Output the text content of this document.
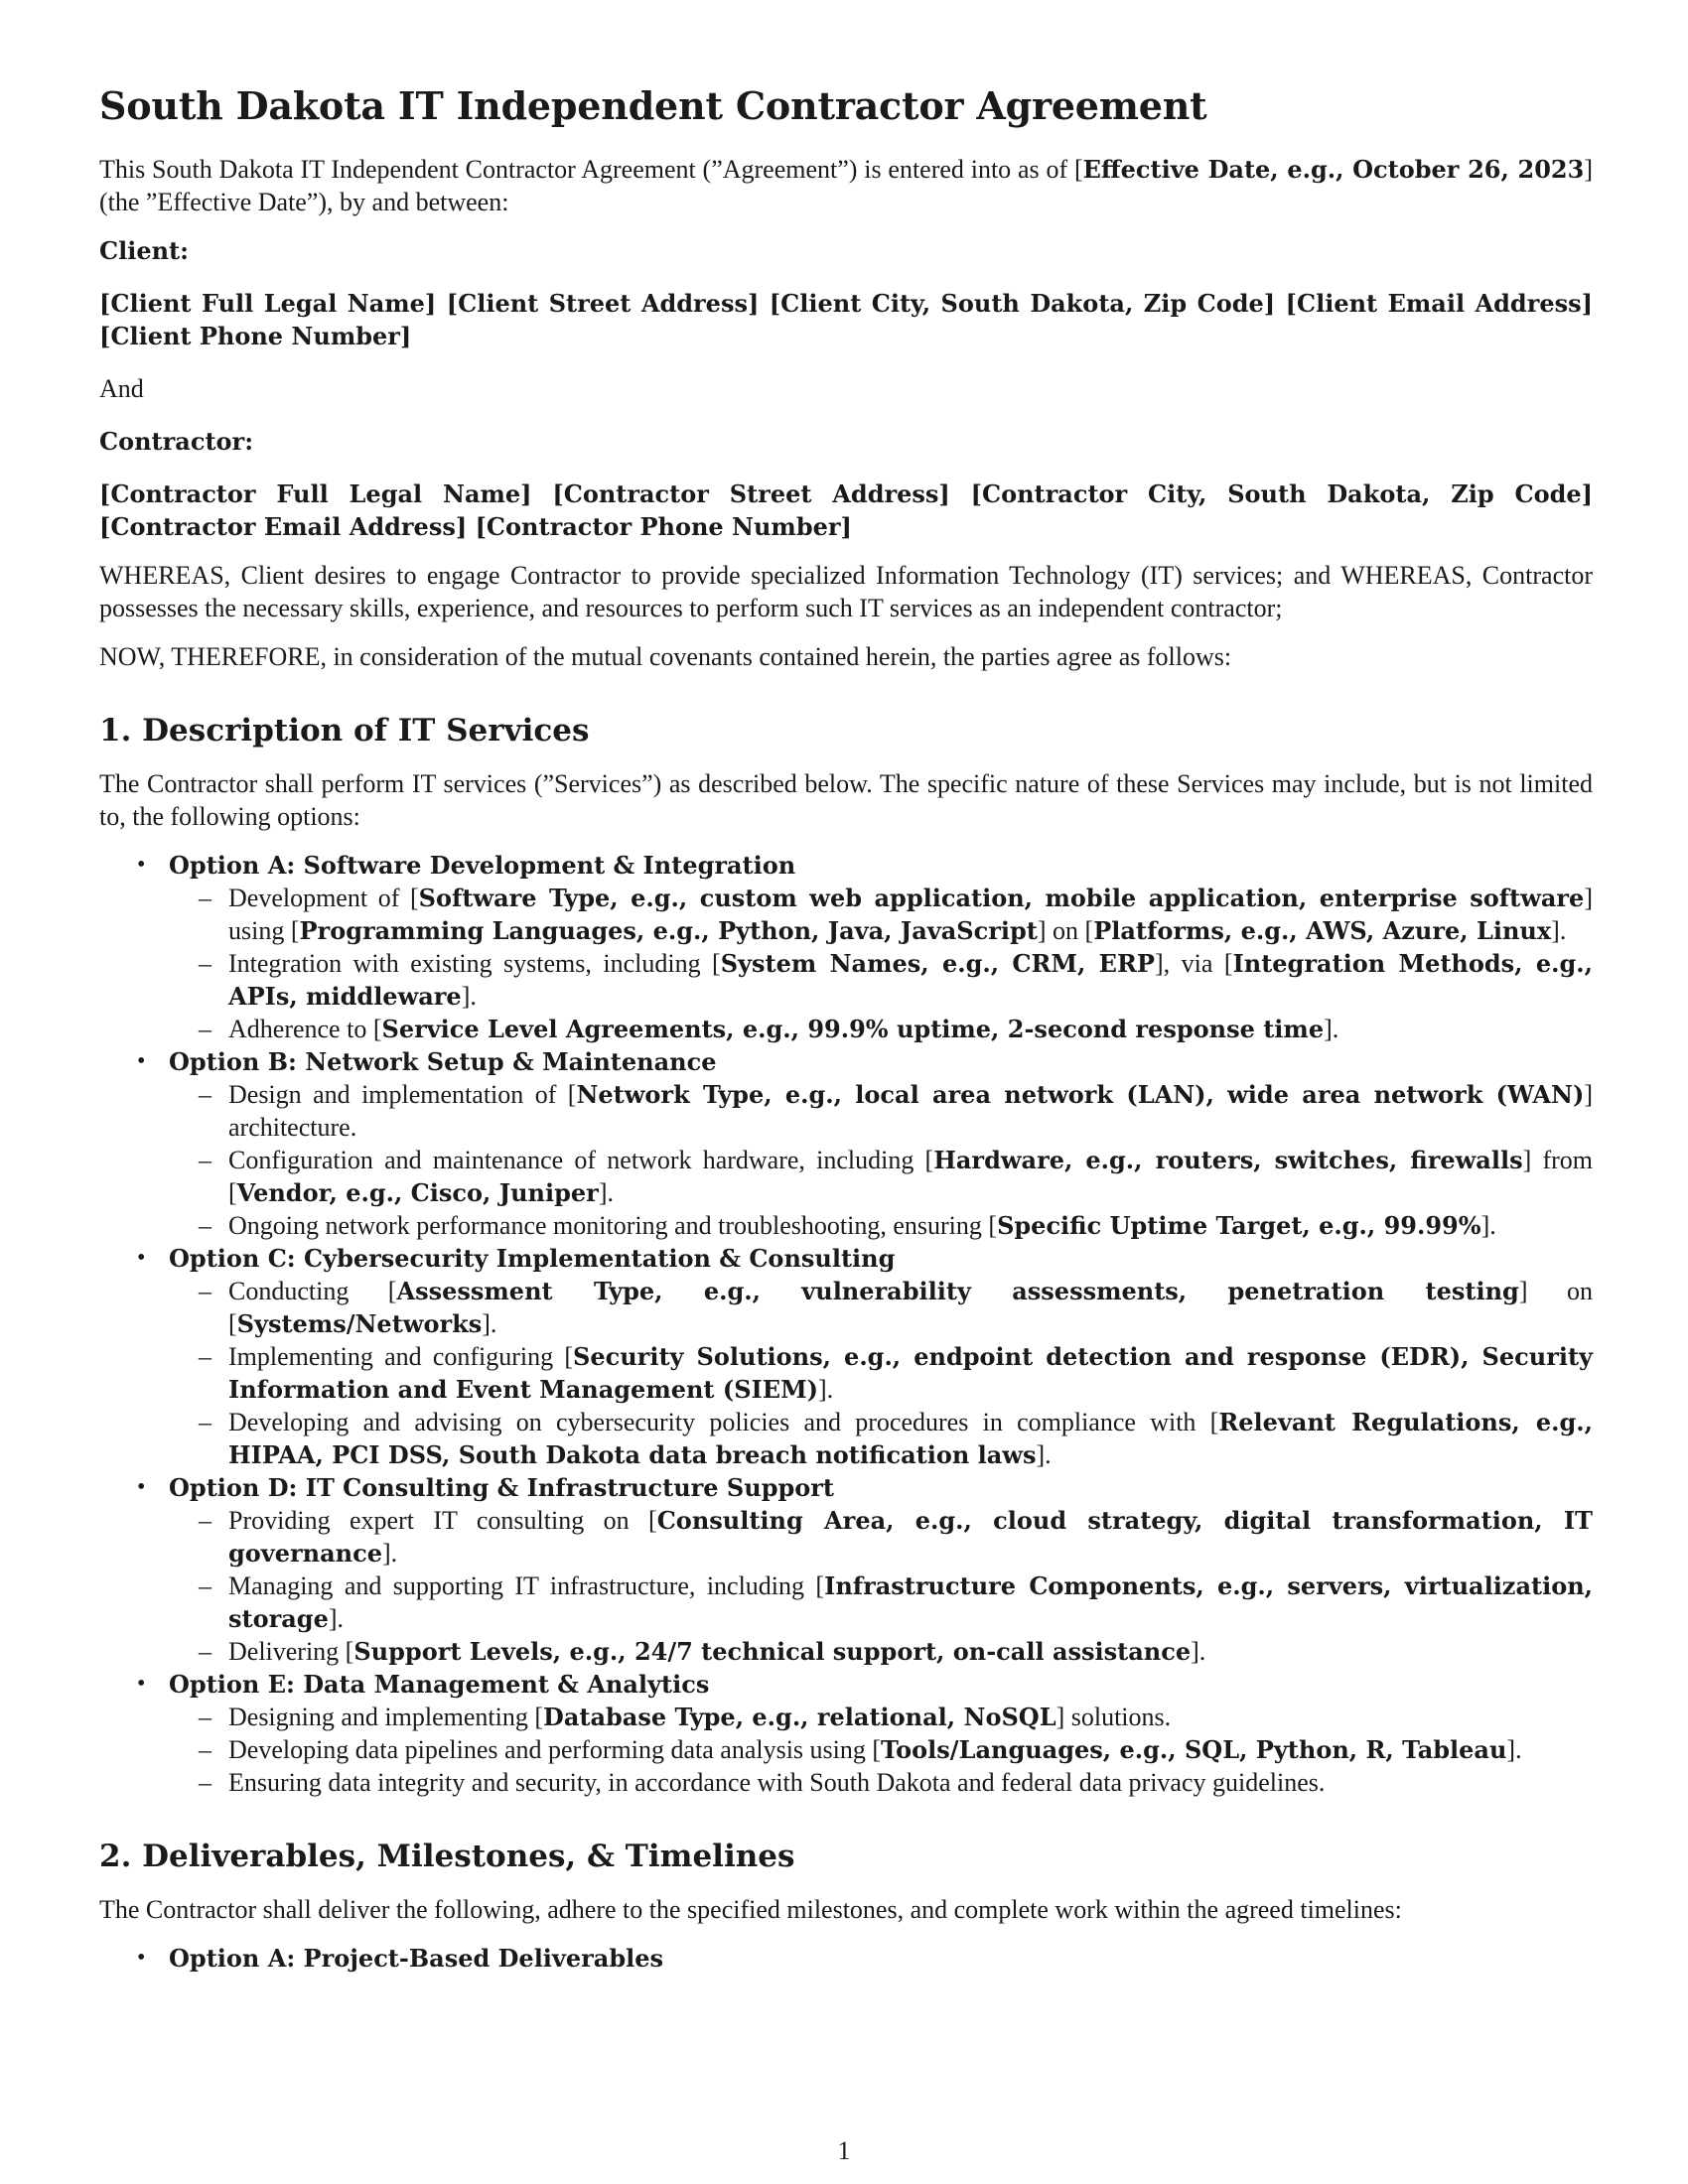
South Dakota IT Independent Contractor Agreement

This South Dakota IT Independent Contractor Agreement (”Agreement”) is entered into as of [Effective Date, e.g., October 26, 2023] (the ”Effective Date”), by and between:

Client:

[Client Full Legal Name] [Client Street Address] [Client City, South Dakota, Zip Code] [Client Email Address] [Client Phone Number]

And

Contractor:

[Contractor Full Legal Name] [Contractor Street Address] [Contractor City, South Dakota, Zip Code] [Contractor Email Address] [Contractor Phone Number]

WHEREAS, Client desires to engage Contractor to provide specialized Information Technology (IT) services; and WHEREAS, Contractor possesses the necessary skills, experience, and resources to perform such IT services as an independent contractor;

NOW, THEREFORE, in consideration of the mutual covenants contained herein, the parties agree as follows:

1. Description of IT Services

The Contractor shall perform IT services (”Services”) as described below. The specific nature of these Services may include, but is not limited to, the following options:

• Option A: Software Development & Integration
– Development of [Software Type, e.g., custom web application, mobile application, enterprise software] using [Programming Languages, e.g., Python, Java, JavaScript] on [Platforms, e.g., AWS, Azure, Linux].
– Integration with existing systems, including [System Names, e.g., CRM, ERP], via [Integration Methods, e.g., APIs, middleware].
– Adherence to [Service Level Agreements, e.g., 99.9% uptime, 2-second response time].
• Option B: Network Setup & Maintenance
– Design and implementation of [Network Type, e.g., local area network (LAN), wide area network (WAN)] architecture.
– Configuration and maintenance of network hardware, including [Hardware, e.g., routers, switches, firewalls] from [Vendor, e.g., Cisco, Juniper].
– Ongoing network performance monitoring and troubleshooting, ensuring [Specific Uptime Target, e.g., 99.99%].
• Option C: Cybersecurity Implementation & Consulting
– Conducting [Assessment Type, e.g., vulnerability assessments, penetration testing] on [Systems/Networks].
– Implementing and configuring [Security Solutions, e.g., endpoint detection and response (EDR), Security Information and Event Management (SIEM)].
– Developing and advising on cybersecurity policies and procedures in compliance with [Relevant Regulations, e.g., HIPAA, PCI DSS, South Dakota data breach notification laws].
• Option D: IT Consulting & Infrastructure Support
– Providing expert IT consulting on [Consulting Area, e.g., cloud strategy, digital transformation, IT governance].
– Managing and supporting IT infrastructure, including [Infrastructure Components, e.g., servers, virtualization, storage].
– Delivering [Support Levels, e.g., 24/7 technical support, on-call assistance].
• Option E: Data Management & Analytics
– Designing and implementing [Database Type, e.g., relational, NoSQL] solutions.
– Developing data pipelines and performing data analysis using [Tools/Languages, e.g., SQL, Python, R, Tableau].
– Ensuring data integrity and security, in accordance with South Dakota and federal data privacy guidelines.
2. Deliverables, Milestones, & Timelines

The Contractor shall deliver the following, adhere to the specified milestones, and complete work within the agreed timelines:

• Option A: Project-Based Deliverables
1
